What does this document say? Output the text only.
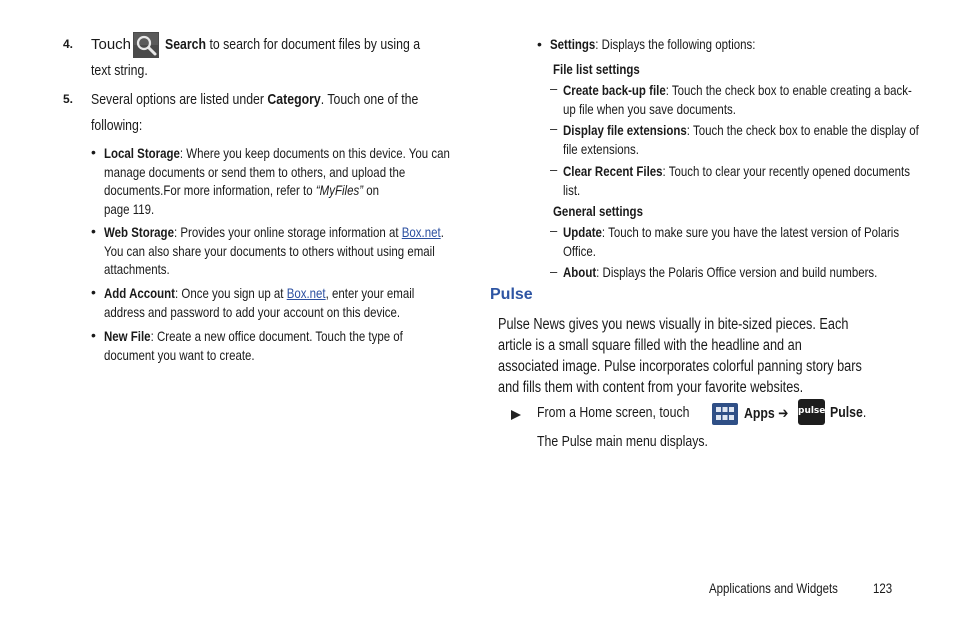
4. Touch Search to search for document files by using a
text string.
5. Several options are listed under Category. Touch one of the
following:
• Local Storage: Where you keep documents on this device. You can
manage documents or send them to others, and upload the
documents.For more information, refer to “MyFiles” on
page 119.
• Web Storage: Provides your online storage information at Box.net.
You can also share your documents to others without using email
attachments.
• Add Account: Once you sign up at Box.net, enter your email
address and password to add your account on this device.
• New File: Create a new office document. Touch the type of
document you want to create.
• Settings: Displays the following options:
File list settings
– Create back-up file: Touch the check box to enable creating a back-
up file when you save documents.
– Display file extensions: Touch the check box to enable the display of
file extensions.
– Clear Recent Files: Touch to clear your recently opened documents
list.
General settings
– Update: Touch to make sure you have the latest version of Polaris
Office.
– About: Displays the Polaris Office version and build numbers.
Pulse
Pulse News gives you news visually in bite-sized pieces. Each
article is a small square filled with the headline and an
associated image. Pulse incorporates colorful panning story bars
and fills them with content from your favorite websites.
From a Home screen, touch	Apps ➔	pulse Pulse.
The Pulse main menu displays.
Applications and Widgets	123
